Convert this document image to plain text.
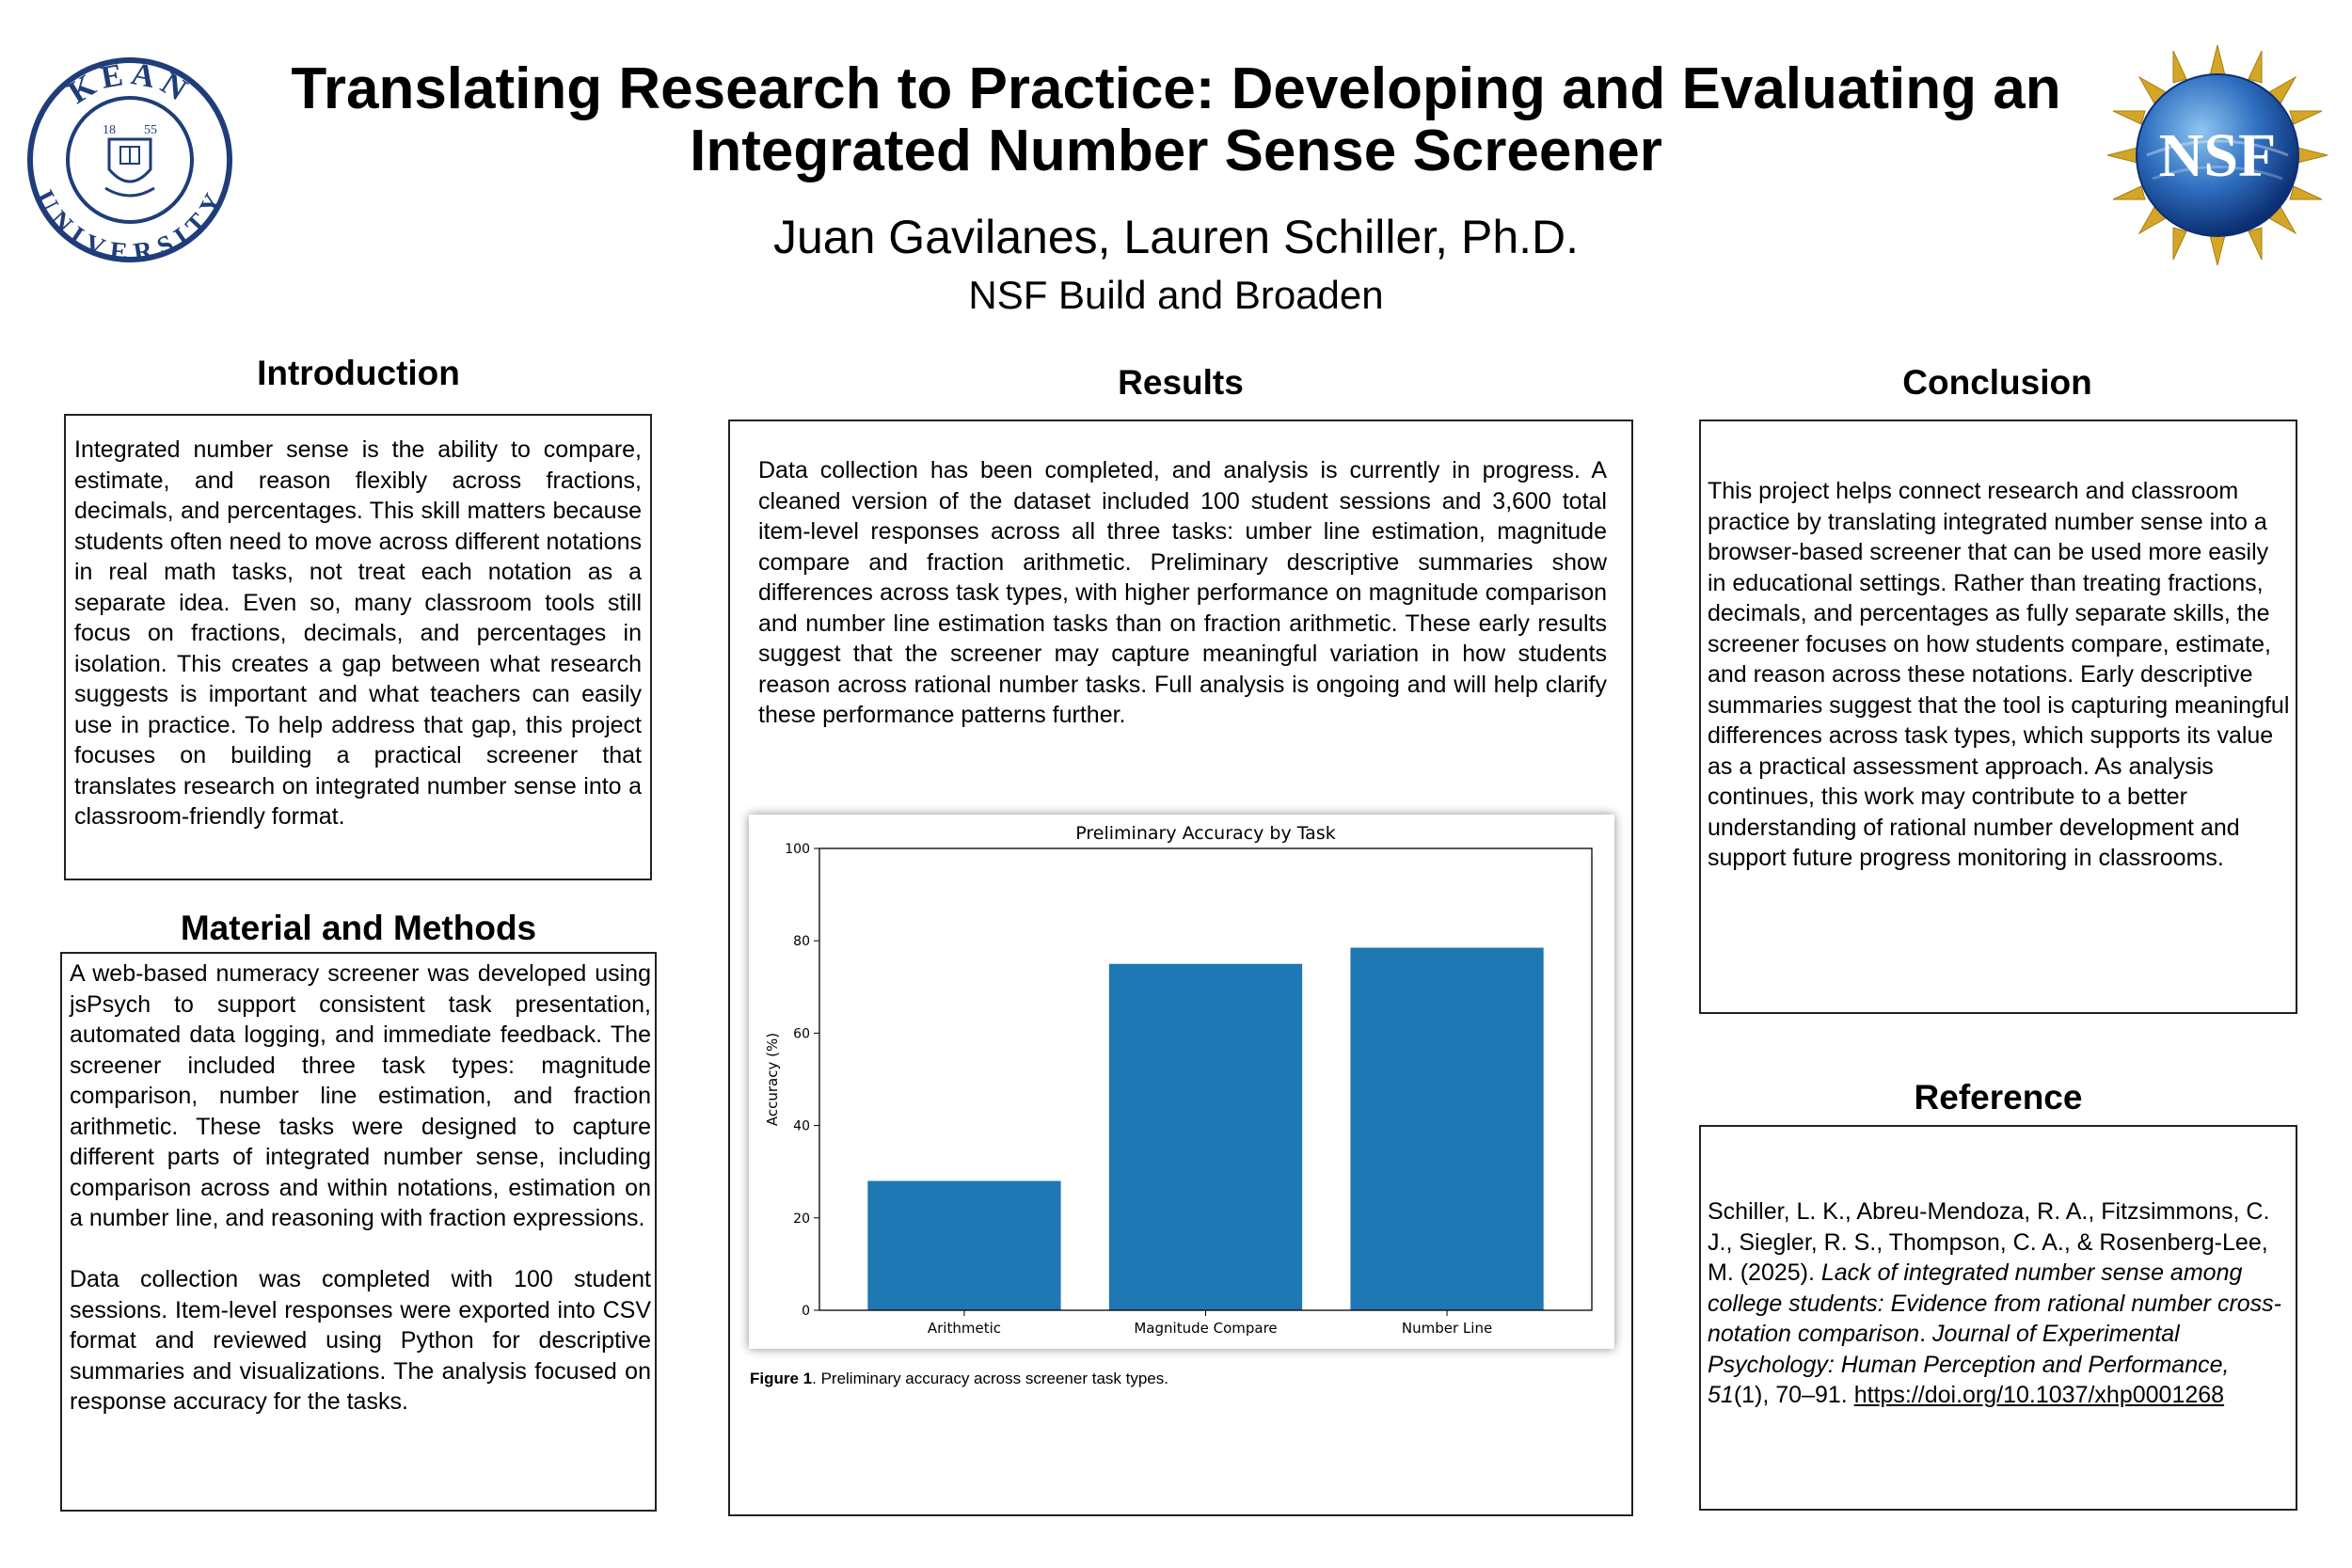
KEAN
UNIVERSITY
18 55	NSF
Translating Research to Practice: Developing and Evaluating an
Integrated Number Sense Screener
Juan Gavilanes, Lauren Schiller, Ph.D.
NSF Build and Broaden
Introduction
Integrated number sense is the ability to compare, estimate, and reason flexibly across fractions, decimals, and percentages. This skill matters because students often need to move across different notations in real math tasks, not treat each notation as a separate idea. Even so, many classroom tools still focus on fractions, decimals, and percentages in isolation. This creates a gap between what research suggests is important and what teachers can easily use in practice. To help address that gap, this project focuses on building a practical screener that translates research on integrated number sense into a classroom-friendly format.
Material and Methods
A web-based numeracy screener was developed using jsPsych to support consistent task presentation, automated data logging, and immediate feedback. The screener included three task types: magnitude comparison, number line estimation, and fraction arithmetic. These tasks were designed to capture different parts of integrated number sense, including comparison across and within notations, estimation on a number line, and reasoning with fraction expressions.
Data collection was completed with 100 student sessions. Item-level responses were exported into CSV format and reviewed using Python for descriptive summaries and visualizations. The analysis focused on response accuracy for the tasks.
Results
Data collection has been completed, and analysis is currently in progress. A cleaned version of the dataset included 100 student sessions and 3,600 total item-level responses across all three tasks: umber line estimation, magnitude compare and fraction arithmetic. Preliminary descriptive summaries show differences across task types, with higher performance on magnitude comparison and number line estimation tasks than on fraction arithmetic. These early results suggest that the screener may capture meaningful variation in how students reason across rational number tasks. Full analysis is ongoing and will help clarify these performance patterns further.
Preliminary Accuracy by Task
Accuracy (%)
0
20
40
60
80
100
Arithmetic	Magnitude Compare	Number Line
Figure 1. Preliminary accuracy across screener task types.
Conclusion
This project helps connect research and classroom practice by translating integrated number sense into a browser-based screener that can be used more easily in educational settings. Rather than treating fractions, decimals, and percentages as fully separate skills, the screener focuses on how students compare, estimate, and reason across these notations. Early descriptive summaries suggest that the tool is capturing meaningful differences across task types, which supports its value as a practical assessment approach. As analysis continues, this work may contribute to a better understanding of rational number development and support future progress monitoring in classrooms.
Reference
Schiller, L. K., Abreu-Mendoza, R. A., Fitzsimmons, C. J., Siegler, R. S., Thompson, C. A., & Rosenberg-Lee, M. (2025). Lack of integrated number sense among college students: Evidence from rational number cross-notation comparison. Journal of Experimental Psychology: Human Perception and Performance, 51(1), 70–91. https://doi.org/10.1037/xhp0001268
